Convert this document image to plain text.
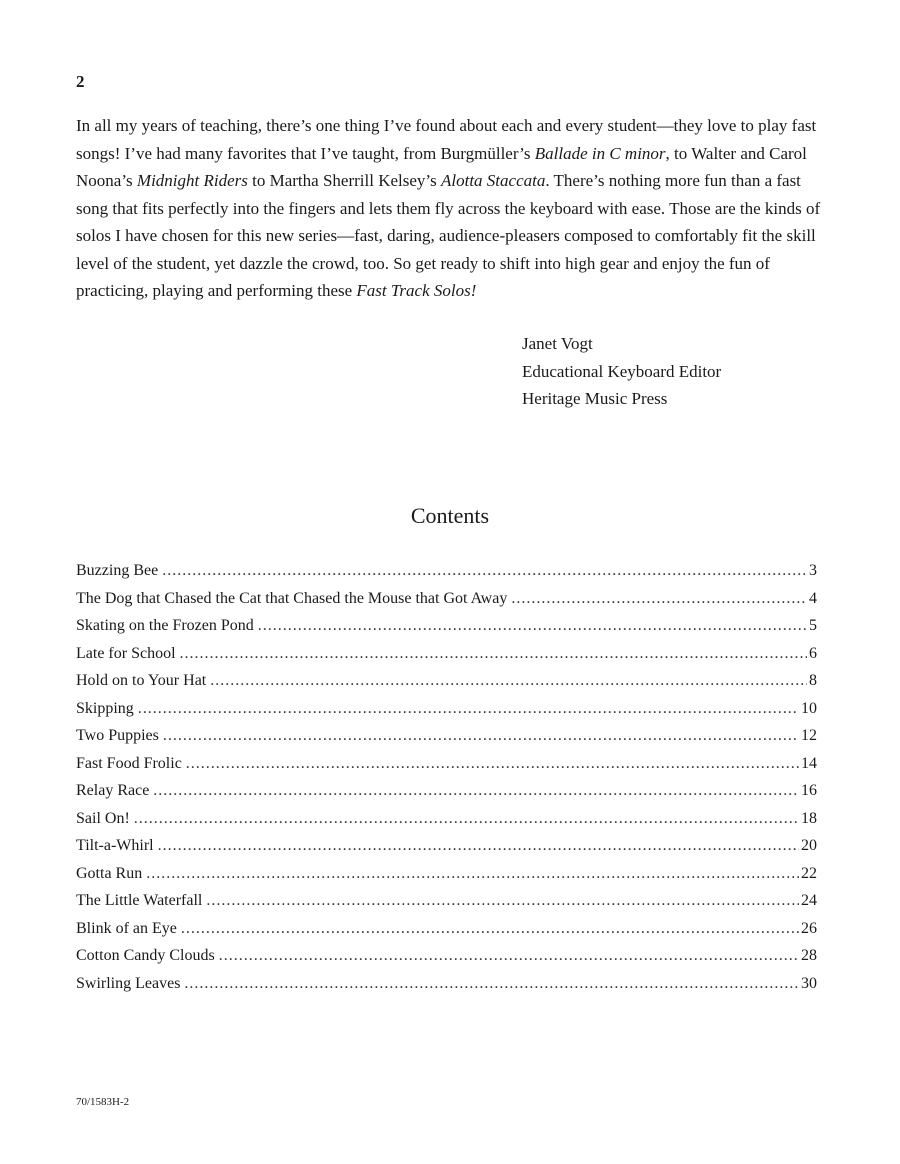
2

In all my years of teaching, there’s one thing I’ve found about each and every student—they love to play fast songs! I’ve had many favorites that I’ve taught, from Burgmüller’s Ballade in C minor, to Walter and Carol Noona’s Midnight Riders to Martha Sherrill Kelsey’s Alotta Staccata. There’s nothing more fun than a fast song that fits perfectly into the fingers and lets them fly across the keyboard with ease. Those are the kinds of solos I have chosen for this new series—fast, daring, audience-pleasers composed to comfortably fit the skill level of the student, yet dazzle the crowd, too. So get ready to shift into high gear and enjoy the fun of practicing, playing and performing these Fast Track Solos!

Janet Vogt
Educational Keyboard Editor
Heritage Music Press
Contents
Buzzing Bee .....	3
The Dog that Chased the Cat that Chased the Mouse that Got Away .....	4
Skating on the Frozen Pond .....	5
Late for School .....	6
Hold on to Your Hat .....	8
Skipping .....	10
Two Puppies .....	12
Fast Food Frolic .....	14
Relay Race .....	16
Sail On! .....	18
Tilt-a-Whirl .....	20
Gotta Run .....	22
The Little Waterfall .....	24
Blink of an Eye .....	26
Cotton Candy Clouds .....	28
Swirling Leaves .....	30
70/1583H-2
